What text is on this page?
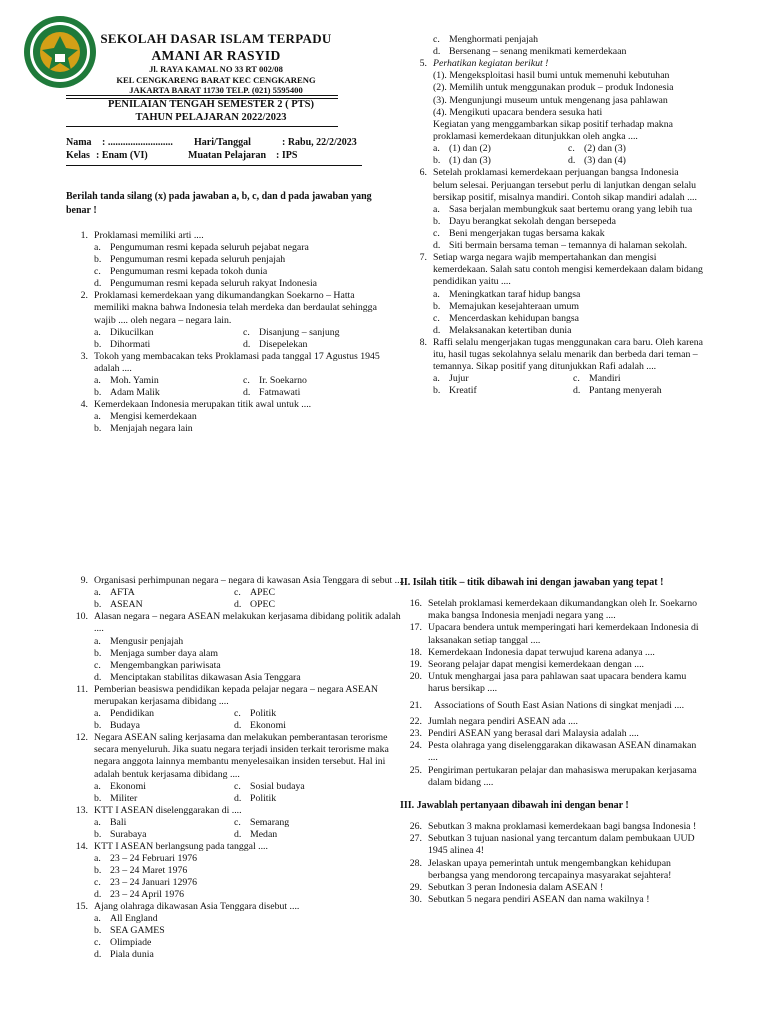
SEKOLAH DASAR ISLAM TERPADU
AMANI AR RASYID
Jl. RAYA KAMAL NO 33 RT 002/08
KEL CENGKARENG BARAT KEC CENGKARENG
JAKARTA BARAT 11730 TELP. (021) 5595400
PENILAIAN TENGAH SEMESTER 2 ( PTS)
TAHUN PELAJARAN 2022/2023
Nama : .......................... Hari/Tanggal	: Rabu, 22/2/2023
Kelas : Enam (VI)	Muatan Pelajaran : IPS
Berilah tanda silang (x) pada jawaban a, b, c, dan d pada jawaban yang benar !
1. Proklamasi memiliki arti ....
a. Pengumuman resmi kepada seluruh pejabat negara
b. Pengumuman resmi kepada seluruh penjajah
c. Pengumuman resmi kepada tokoh dunia
d. Pengumuman resmi kepada seluruh rakyat Indonesia
2. Proklamasi kemerdekaan yang dikumandangkan Soekarno – Hatta memiliki makna bahwa Indonesia telah merdeka dan berdaulat sehingga wajib .... oleh negara – negara lain.
a. Dikucilkan	c. Disanjung – sanjung
b. Dihormati	d. Disepelekan
3. Tokoh yang membacakan teks Proklamasi pada tanggal 17 Agustus 1945 adalah ....
a. Moh. Yamin	c. Ir. Soekarno
b. Adam Malik	d. Fatmawati
4. Kemerdekaan Indonesia merupakan titik awal untuk ....
a. Mengisi kemerdekaan
b. Menjajah negara lain
c. Menghormati penjajah
d. Bersenang – senang menikmati kemerdekaan
5. Perhatikan kegiatan berikut !
(1). Mengeksploitasi hasil bumi untuk memenuhi kebutuhan
(2). Memilih untuk menggunakan produk – produk Indonesia
(3). Mengunjungi museum untuk mengenang jasa pahlawan
(4). Mengikuti upacara bendera sesuka hati
Kegiatan yang menggambarkan sikap positif terhadap makna proklamasi kemerdekaan ditunjukkan oleh angka ....
a. (1) dan (2)	c. (2) dan (3)
b. (1) dan (3)	d. (3) dan (4)
6. Setelah proklamasi kemerdekaan perjuangan bangsa Indonesia belum selesai. Perjuangan tersebut perlu di lanjutkan dengan selalu bersikap positif, misalnya mandiri. Contoh sikap mandiri adalah ....
a. Sasa berjalan membungkuk saat bertemu orang yang lebih tua
b. Dayu berangkat sekolah dengan bersepeda
c. Beni mengerjakan tugas bersama kakak
d. Siti bermain bersama teman – temannya di halaman sekolah.
7. Setiap warga negara wajib mempertahankan dan mengisi kemerdekaan. Salah satu contoh mengisi kemerdekaan dalam bidang pendidikan yaitu ....
a. Meningkatkan taraf hidup bangsa
b. Memajukan kesejahteraan umum
c. Mencerdaskan kehidupan bangsa
d. Melaksanakan ketertiban dunia
8. Raffi selalu mengerjakan tugas menggunakan cara baru. Oleh karena itu, hasil tugas sekolahnya selalu menarik dan berbeda dari teman – temannya. Sikap positif yang ditunjukkan Rafi adalah ....
a. Jujur	c. Mandiri
b. Kreatif	d. Pantang menyerah
9. Organisasi perhimpunan negara – negara di kawasan Asia Tenggara di sebut ....
a. AFTA	c. APEC
b. ASEAN	d. OPEC
10. Alasan negara – negara ASEAN melakukan kerjasama dibidang politik adalah ....
a. Mengusir penjajah
b. Menjaga sumber daya alam
c. Mengembangkan pariwisata
d. Menciptakan stabilitas dikawasan Asia Tenggara
11. Pemberian beasiswa pendidikan kepada pelajar negara – negara ASEAN merupakan kerjasama dibidang ....
a. Pendidikan	c. Politik
b. Budaya	d. Ekonomi
12. Negara ASEAN saling kerjasama dan melakukan pemberantasan terorisme secara menyeluruh. Jika suatu negara terjadi insiden terkait terorisme maka negara anggota lainnya membantu menyelesaikan insiden tersebut. Hal ini adalah bentuk kerjasama dibidang ....
a. Ekonomi	c. Sosial budaya
b. Militer	d. Politik
13. KTT I ASEAN diselenggarakan di ....
a. Bali	c. Semarang
b. Surabaya	d. Medan
14. KTT I ASEAN berlangsung pada tanggal ....
a. 23 – 24 Februari 1976
b. 23 – 24 Maret 1976
c. 23 – 24 Januari 12976
d. 23 – 24 April 1976
15. Ajang olahraga dikawasan Asia Tenggara disebut ....
a. All England
b. SEA GAMES
c. Olimpiade
d. Piala dunia
II. Isilah titik – titik dibawah ini dengan jawaban yang tepat !
16. Setelah proklamasi kemerdekaan dikumandangkan oleh Ir. Soekarno maka bangsa Indonesia menjadi negara yang ....
17. Upacara bendera untuk memperingati hari kemerdekaan Indonesia di laksanakan setiap tanggal ....
18. Kemerdekaan Indonesia dapat terwujud karena adanya ....
19. Seorang pelajar dapat mengisi kemerdekaan dengan ....
20. Untuk menghargai jasa para pahlawan saat upacara bendera kamu harus bersikap ....
21.	Associations of South East Asian Nations di singkat menjadi ....
22. Jumlah negara pendiri ASEAN ada ....
23. Pendiri ASEAN yang berasal dari Malaysia adalah ....
24. Pesta olahraga yang diselenggarakan dikawasan ASEAN dinamakan ....
25. Pengiriman pertukaran pelajar dan mahasiswa merupakan kerjasama dalam bidang ....
III. Jawablah pertanyaan dibawah ini dengan benar !
26. Sebutkan 3 makna proklamasi kemerdekaan bagi bangsa Indonesia !
27. Sebutkan 3 tujuan nasional yang tercantum dalam pembukaan UUD 1945 alinea 4!
28. Jelaskan upaya pemerintah untuk mengembangkan kehidupan berbangsa yang mendorong tercapainya masyarakat sejahtera!
29. Sebutkan 3 peran Indonesia dalam ASEAN !
30. Sebutkan 5 negara pendiri ASEAN dan nama wakilnya !
